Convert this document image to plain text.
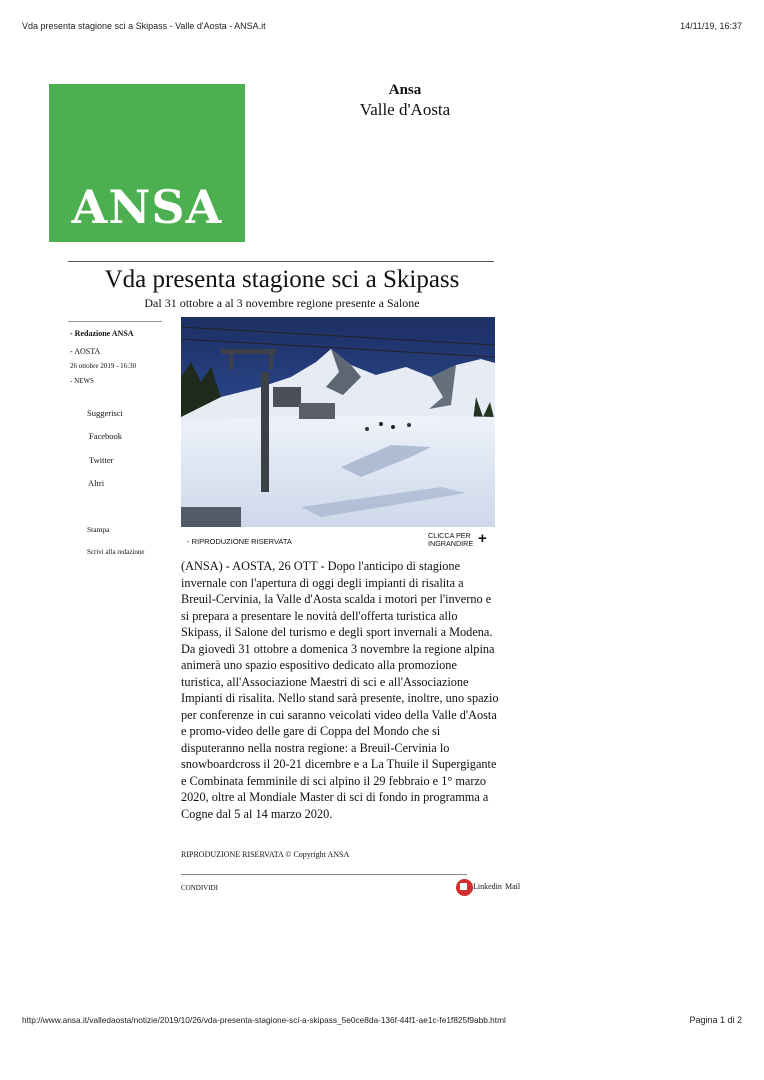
Vda presenta stagione sci a Skipass - Valle d'Aosta - ANSA.it	14/11/19, 16:37
ANSA
Ansa
Valle d'Aosta
Vda presenta stagione sci a Skipass
Dal 31 ottobre a al 3 novembre regione presente a Salone
- Redazione ANSA
- AOSTA
26 ottobre 2019 - 16:30
- NEWS
Suggerisci
Facebook
Twitter
Altri
Stampa
Scrivi alla redazione
- RIPRODUZIONE RISERVATA
CLICCA PER
INGRANDIRE +
(ANSA) - AOSTA, 26 OTT - Dopo l'anticipo di stagione invernale con l'apertura di oggi degli impianti di risalita a Breuil-Cervinia, la Valle d'Aosta scalda i motori per l'inverno e si prepara a presentare le novità dell'offerta turistica allo Skipass, il Salone del turismo e degli sport invernali a Modena. Da giovedì 31 ottobre a domenica 3 novembre la regione alpina animerà uno spazio espositivo dedicato alla promozione turistica, all'Associazione Maestri di sci e all'Associazione Impianti di risalita. Nello stand sarà presente, inoltre, uno spazio per conferenze in cui saranno veicolati video della Valle d'Aosta e promo-video delle gare di Coppa del Mondo che si disputeranno nella nostra regione: a Breuil-Cervinia lo snowboardcross il 20-21 dicembre e a La Thuile il Supergigante e Combinata femminile di sci alpino il 29 febbraio e 1° marzo 2020, oltre al Mondiale Master di sci di fondo in programma a Cogne dal 5 al 14 marzo 2020.
RIPRODUZIONE RISERVATA © Copyright ANSA
CONDIVIDI	Linkedin Mail
http://www.ansa.it/valledaosta/notizie/2019/10/26/vda-presenta-stagione-sci-a-skipass_5e0ce8da-136f-44f1-ae1c-fe1f825f9abb.html	Pagina 1 di 2
